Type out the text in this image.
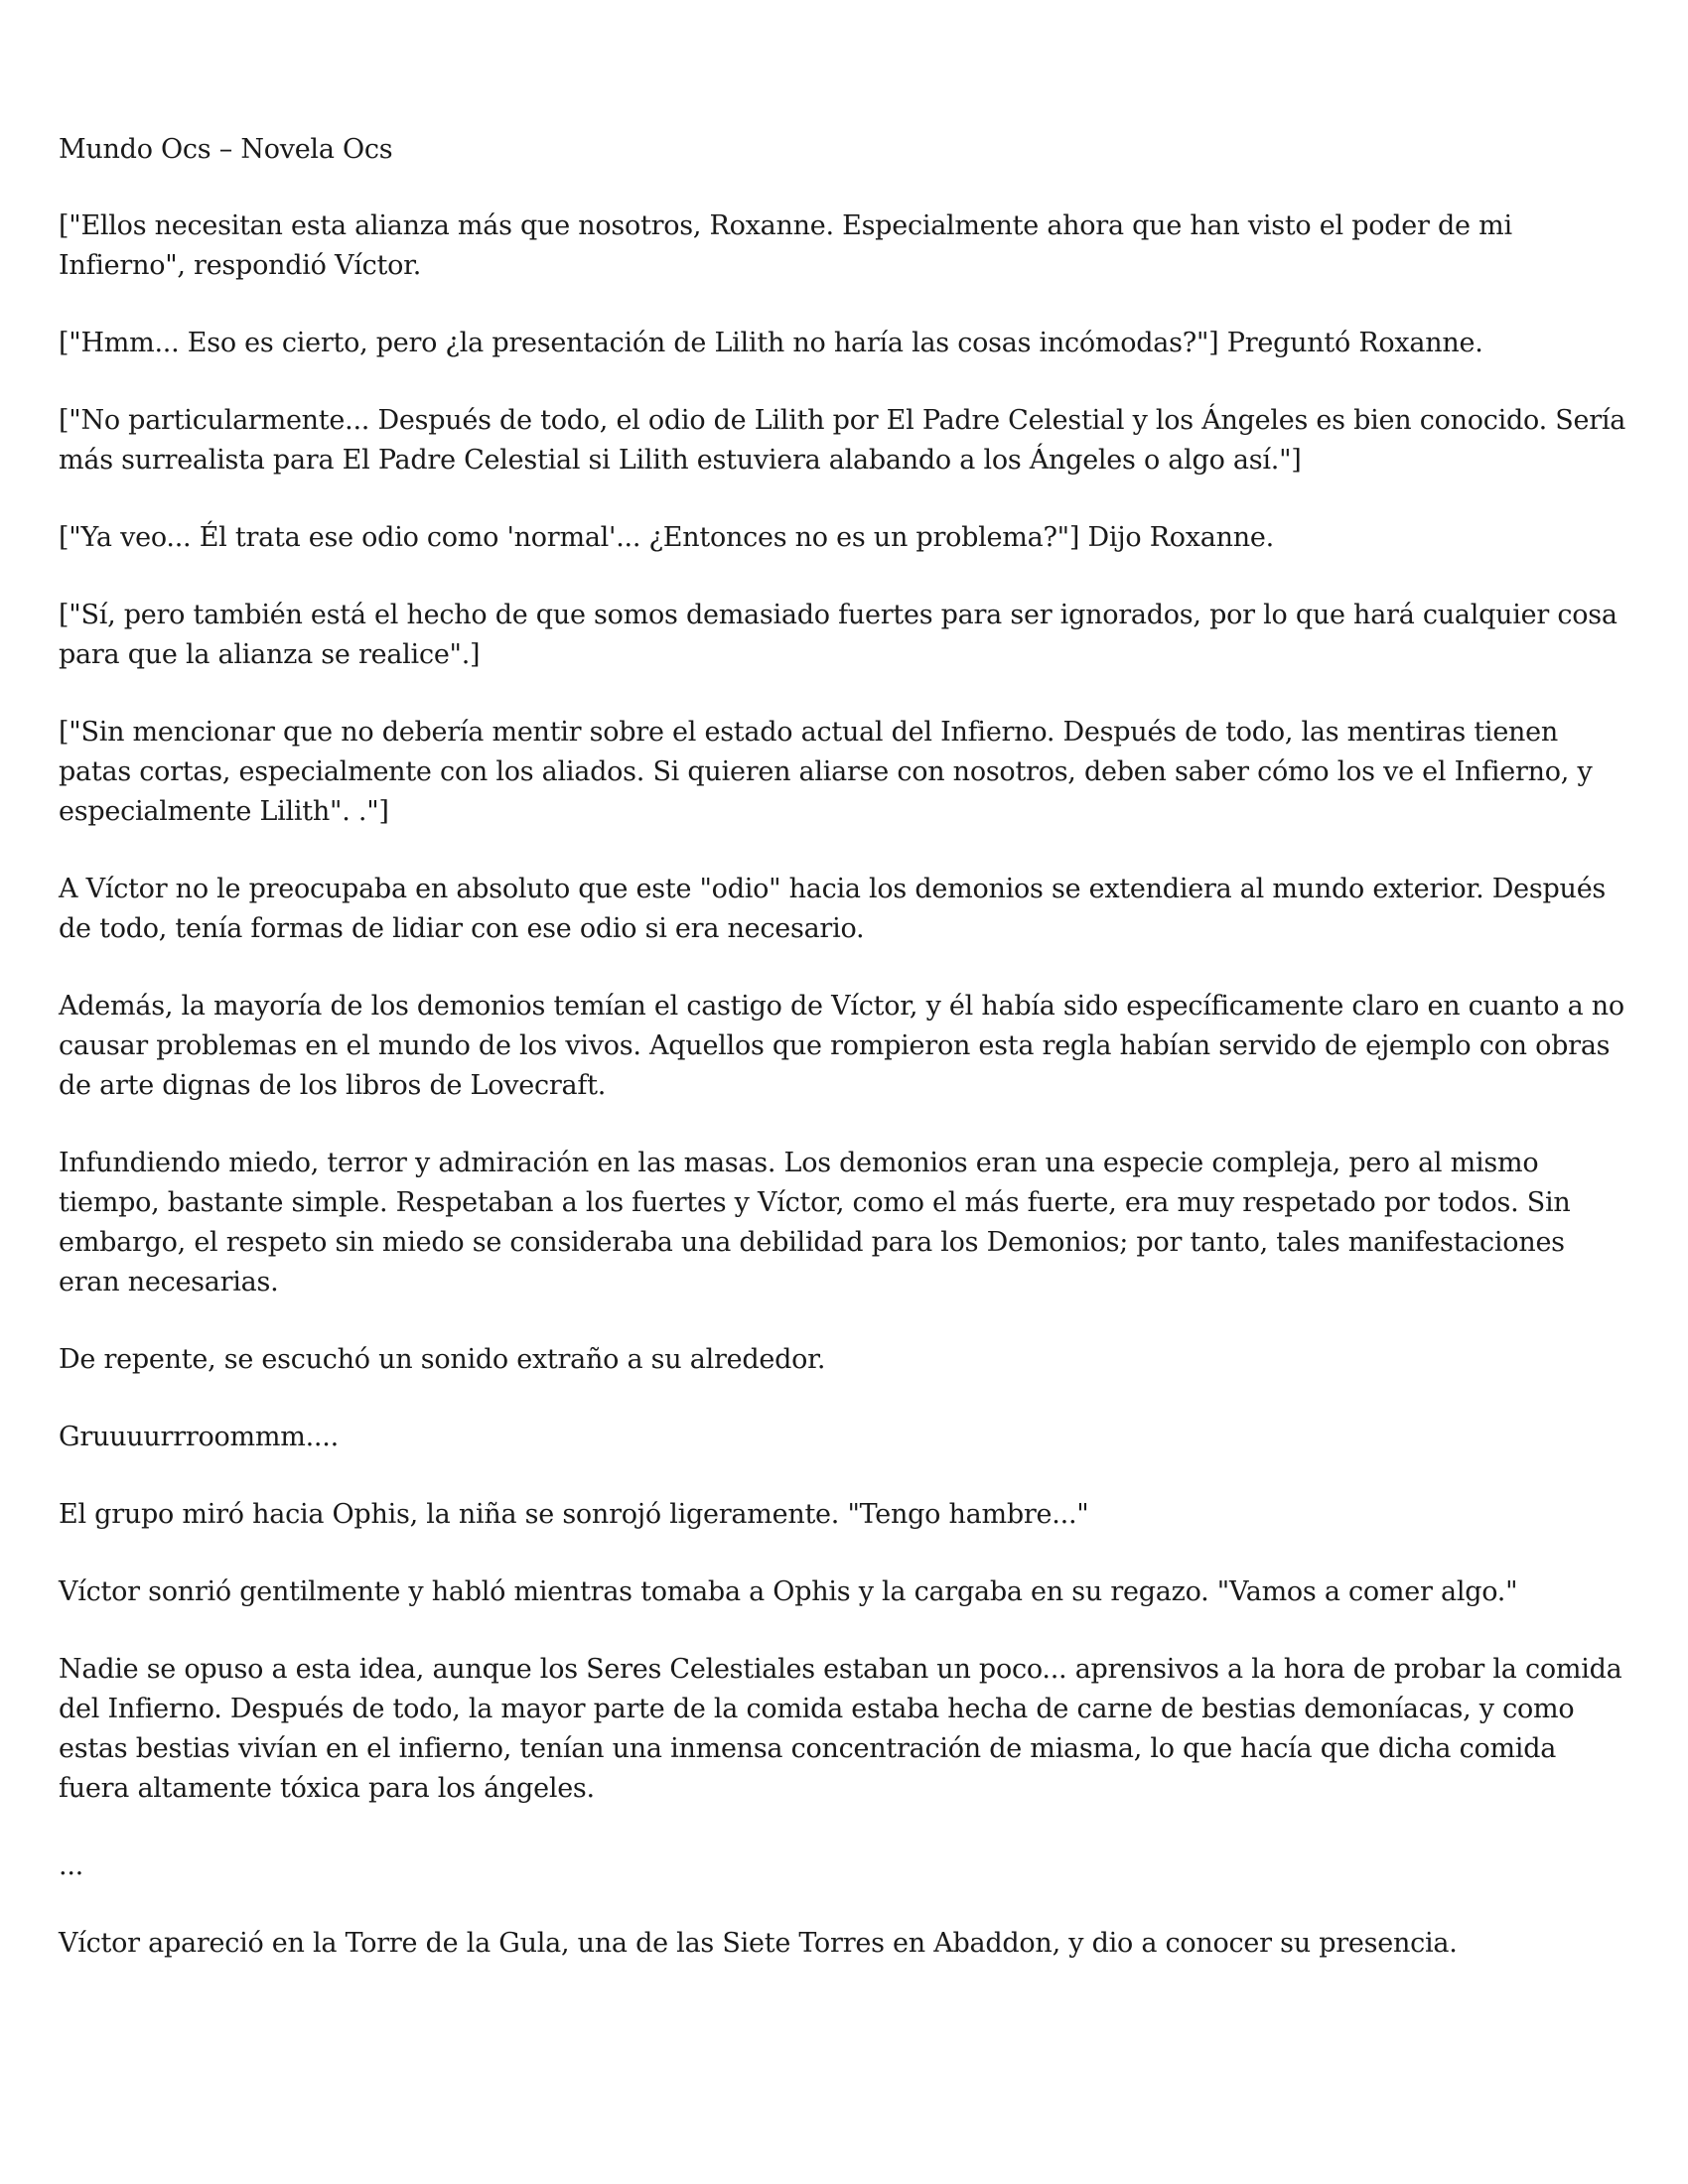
Mundo Ocs – Novela Ocs

["Ellos necesitan esta alianza más que nosotros, Roxanne. Especialmente ahora que han visto el poder de mi Infierno", respondió Víctor.

["Hmm... Eso es cierto, pero ¿la presentación de Lilith no haría las cosas incómodas?"] Preguntó Roxanne.

["No particularmente... Después de todo, el odio de Lilith por El Padre Celestial y los Ángeles es bien conocido. Sería más surrealista para El Padre Celestial si Lilith estuviera alabando a los Ángeles o algo así."]

["Ya veo... Él trata ese odio como 'normal'... ¿Entonces no es un problema?"] Dijo Roxanne.

["Sí, pero también está el hecho de que somos demasiado fuertes para ser ignorados, por lo que hará cualquier cosa para que la alianza se realice".]

["Sin mencionar que no debería mentir sobre el estado actual del Infierno. Después de todo, las mentiras tienen patas cortas, especialmente con los aliados. Si quieren aliarse con nosotros, deben saber cómo los ve el Infierno, y especialmente Lilith". ."]

A Víctor no le preocupaba en absoluto que este "odio" hacia los demonios se extendiera al mundo exterior. Después de todo, tenía formas de lidiar con ese odio si era necesario.

Además, la mayoría de los demonios temían el castigo de Víctor, y él había sido específicamente claro en cuanto a no causar problemas en el mundo de los vivos. Aquellos que rompieron esta regla habían servido de ejemplo con obras de arte dignas de los libros de Lovecraft.

Infundiendo miedo, terror y admiración en las masas. Los demonios eran una especie compleja, pero al mismo tiempo, bastante simple. Respetaban a los fuertes y Víctor, como el más fuerte, era muy respetado por todos. Sin embargo, el respeto sin miedo se consideraba una debilidad para los Demonios; por tanto, tales manifestaciones eran necesarias.

De repente, se escuchó un sonido extraño a su alrededor.

Gruuuurrroommm....

El grupo miró hacia Ophis, la niña se sonrojó ligeramente. "Tengo hambre..."

Víctor sonrió gentilmente y habló mientras tomaba a Ophis y la cargaba en su regazo. "Vamos a comer algo."

Nadie se opuso a esta idea, aunque los Seres Celestiales estaban un poco... aprensivos a la hora de probar la comida del Infierno. Después de todo, la mayor parte de la comida estaba hecha de carne de bestias demoníacas, y como estas bestias vivían en el infierno, tenían una inmensa concentración de miasma, lo que hacía que dicha comida fuera altamente tóxica para los ángeles.

...

Víctor apareció en la Torre de la Gula, una de las Siete Torres en Abaddon, y dio a conocer su presencia.
